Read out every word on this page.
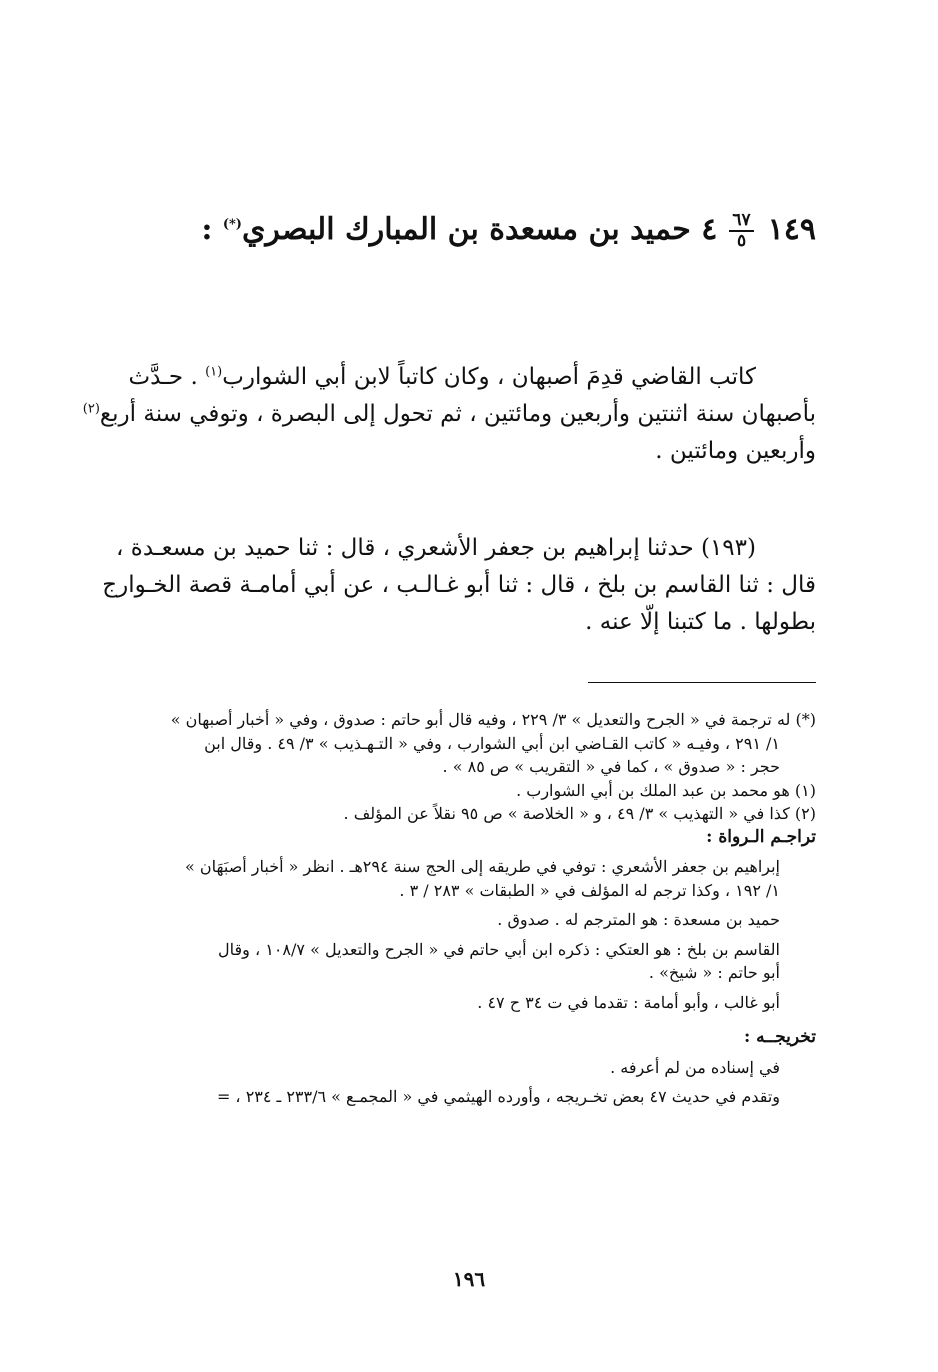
١٤٩
$\frac{٦٧}{٥}$
٤ حميد بن مسعدة بن المبارك البصري(*) :
كاتب القاضي قدِمَ أصبهان ، وكان كاتباً لابن أبي الشوارب$^{(١)}$ . حـدَّث
بأصبهان سنة اثنتين وأربعين ومائتين ، ثم تحول إلى البصرة ، وتوفي سنة أربع$^{(٢)}$
وأربعين ومائتين .
(١٩٣) حدثنا إبراهيم بن جعفر الأشعري ، قال : ثنا حميد بن مسعـدة ،
قال : ثنا القاسم بن بلخ ، قال : ثنا أبو غـالـب ، عن أبي أمامـة قصة الخـوارج
بطولها . ما كتبنا إلّا عنه .
(*) له ترجمة في « الجرح والتعديل » ٣/ ٢٢٩ ، وفيه قال أبو حاتم : صدوق ، وفي « أخبار أصبهان »
١/ ٢٩١ ، وفيـه « كاتب القـاضي ابن أبي الشوارب ، وفي « التـهـذيب » ٣/ ٤٩ . وقال ابن
حجر : « صدوق » ، كما في « التقريب » ص ٨٥ » .
(١) هو محمد بن عبد الملك بن أبي الشوارب .
(٢) كذا في « التهذيب » ٣/ ٤٩ ، و « الخلاصة » ص ٩٥ نقلاً عن المؤلف .
تراجـم الـرواة :
إبراهيم بن جعفر الأشعري : توفي في طريقه إلى الحج سنة ٢٩٤هـ . انظر « أخبار أصبَهَان »
١/ ١٩٢ ، وكذا ترجم له المؤلف في « الطبقات » ٢٨٣ / ٣ .
حميد بن مسعدة : هو المترجم له . صدوق .
القاسم بن بلخ : هو العتكي : ذكره ابن أبي حاتم في « الجرح والتعديل » ١٠٨/٧ ، وقال
أبو حاتم : « شيخ» .
أبو غالب ، وأبو أمامة : تقدما في ت ٣٤ ح ٤٧ .
تخريجــه :
في إسناده من لم أعرفه .
وتقدم في حديث ٤٧ بعض تخـريجه ، وأورده الهيثمي في « المجمـع » ٢٣٣/٦ ـ ٢٣٤ ، =
١٩٦
